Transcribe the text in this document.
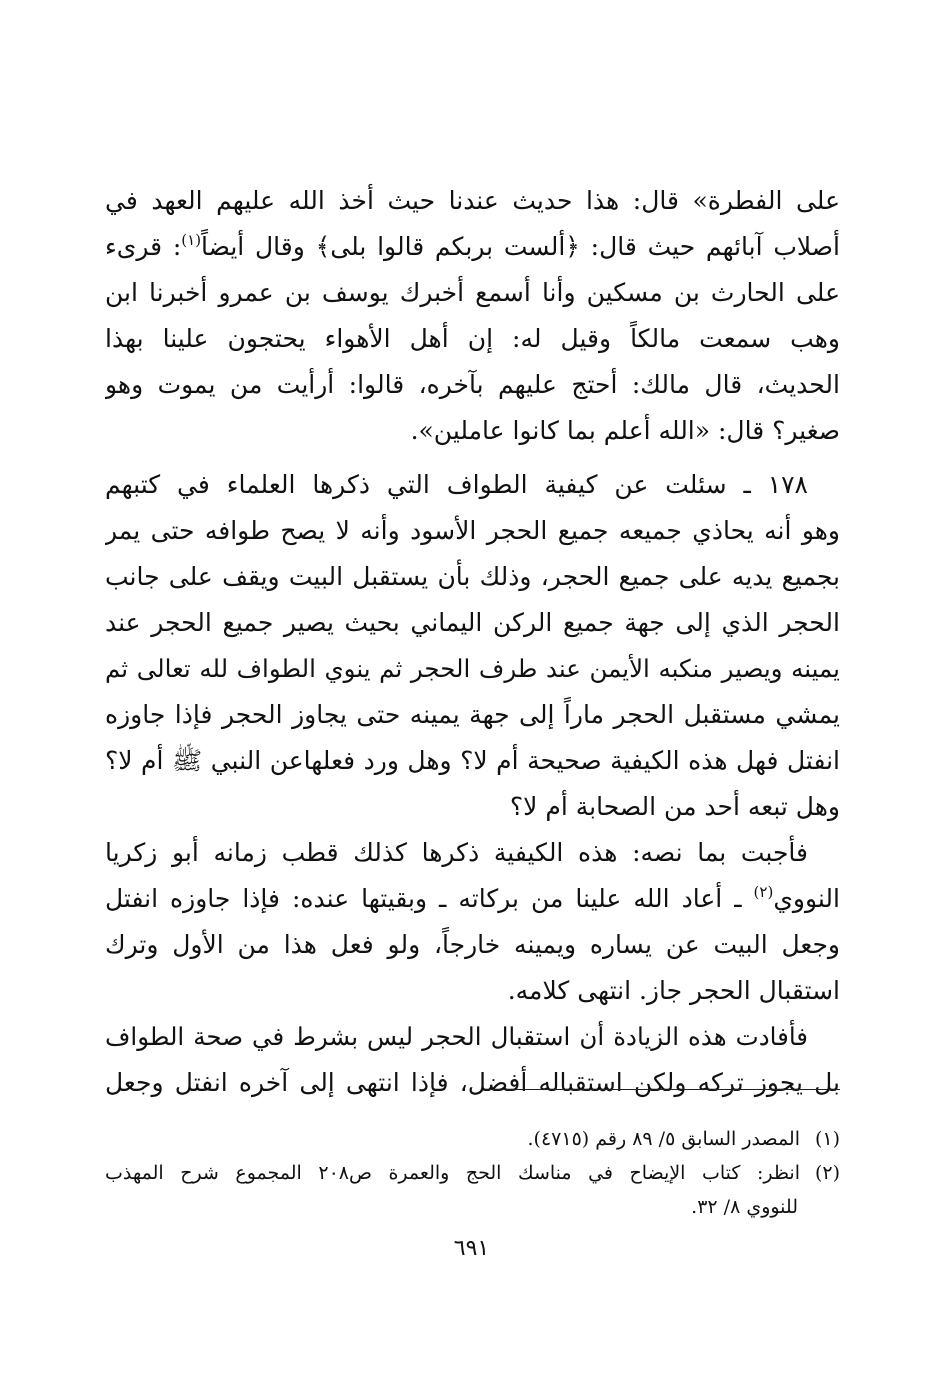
على الفطرة» قال: هذا حديث عندنا حيث أخذ الله عليهم العهد في
أصلاب آبائهم حيث قال: ﴿ألست بربكم قالوا بلى﴾ وقال أيضاً$^{(١)}$: قرىء
على الحارث بن مسكين وأنا أسمع أخبرك يوسف بن عمرو أخبرنا ابن
وهب سمعت مالكاً وقيل له: إن أهل الأهواء يحتجون علينا بهذا
الحديث، قال مالك: أحتج عليهم بآخره، قالوا: أرأيت من يموت وهو
صغير؟ قال: «الله أعلم بما كانوا عاملين».
١٧٨ ـ سئلت عن كيفية الطواف التي ذكرها العلماء في كتبهم
وهو أنه يحاذي جميعه جميع الحجر الأسود وأنه لا يصح طوافه حتى يمر
بجميع يديه على جميع الحجر، وذلك بأن يستقبل البيت ويقف على جانب
الحجر الذي إلى جهة جميع الركن اليماني بحيث يصير جميع الحجر عند
يمينه ويصير منكبه الأيمن عند طرف الحجر ثم ينوي الطواف لله تعالى ثم
يمشي مستقبل الحجر ماراً إلى جهة يمينه حتى يجاوز الحجر فإذا جاوزه
انفتل فهل هذه الكيفية صحيحة أم لا؟ وهل ورد فعلهاعن النبي ﷺ أم لا؟
وهل تبعه أحد من الصحابة أم لا؟
فأجبت بما نصه: هذه الكيفية ذكرها كذلك قطب زمانه أبو زكريا
النووي$^{(٢)}$ ـ أعاد الله علينا من بركاته ـ وبقيتها عنده: فإذا جاوزه انفتل
وجعل البيت عن يساره ويمينه خارجاً، ولو فعل هذا من الأول وترك
استقبال الحجر جاز. انتهى كلامه.
فأفادت هذه الزيادة أن استقبال الحجر ليس بشرط في صحة الطواف
بل يجوز تركه ولكن استقباله أفضل، فإذا انتهى إلى آخره انفتل وجعل
(١)المصدر السابق ٥/ ٨٩ رقم (٤٧١٥).
(٢)انظر: كتاب الإيضاح في مناسك الحج والعمرة ص٢٠٨ المجموع شرح المهذب
للنووي ٨/ ٣٢.
٦٩١
